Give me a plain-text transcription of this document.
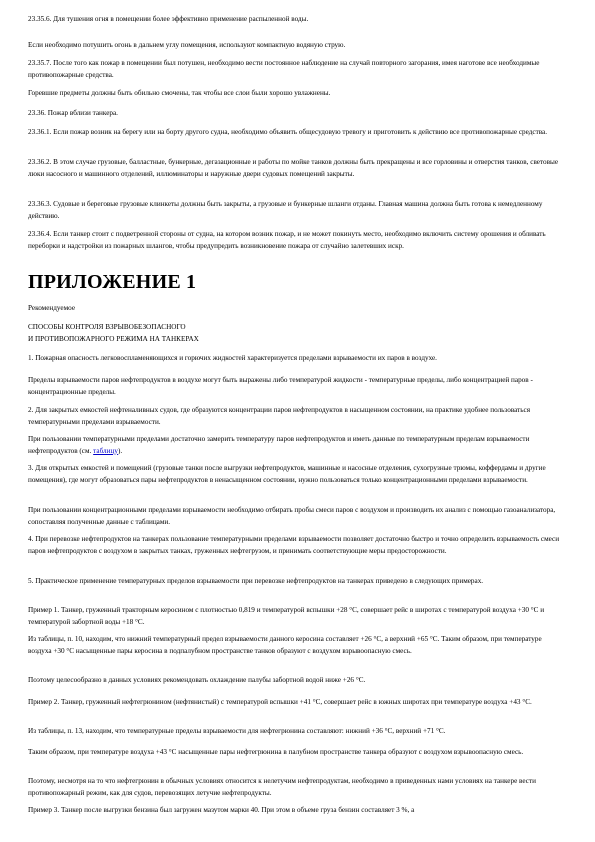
23.35.6. Для тушения огня в помещении более эффективно применение распыленной воды.

Если необходимо потушить огонь в дальнем углу помещения, используют компактную водяную струю.

23.35.7. После того как пожар в помещении был потушен, необходимо вести постоянное наблюдение на случай повторного загорания, имея наготове все необходимые противопожарные средства.

Горевшие предметы должны быть обильно смочены, так чтобы все слои были хорошо увлажнены.

23.36. Пожар вблизи танкера.

23.36.1. Если пожар возник на берегу или на борту другого судна, необходимо объявить общесудовую тревогу и приготовить к действию все противопожарные средства.

23.36.2. В этом случае грузовые, балластные, бункерные, дегазационные и работы по мойке танков должны быть прекращены и все горловины и отверстия танков, световые люки насосного и машинного отделений, иллюминаторы и наружные двери судовых помещений закрыты.

23.36.3. Судовые и береговые грузовые клинкеты должны быть закрыты, а грузовые и бункерные шланги отданы. Главная машина должна быть готова к немедленному действию.

23.36.4. Если танкер стоит с подветренной стороны от судна, на котором возник пожар, и не может покинуть место, необходимо включить систему орошения и обливать переборки и надстройки из пожарных шлангов, чтобы предупредить возникновение пожара от случайно залетевших искр.

ПРИЛОЖЕНИЕ 1

Рекомендуемое

СПОСОБЫ КОНТРОЛЯ ВЗРЫВОБЕЗОПАСНОГО

И ПРОТИВОПОЖАРНОГО РЕЖИМА НА ТАНКЕРАХ

1. Пожарная опасность легковоспламеняющихся и горючих жидкостей характеризуется пределами взрываемости их паров в воздухе.

Пределы взрываемости паров нефтепродуктов в воздухе могут быть выражены либо температурой жидкости - температурные пределы, либо концентрацией паров - концентрационные пределы.

2. Для закрытых емкостей нефтеналивных судов, где образуются концентрации паров нефтепродуктов в насыщенном состоянии, на практике удобнее пользоваться температурными пределами взрываемости.

При пользовании температурными пределами достаточно замерить температуру паров нефтепродуктов и иметь данные по температурным пределам взрываемости нефтепродуктов (см. таблицу).

3. Для открытых емкостей и помещений (грузовые танки после выгрузки нефтепродуктов, машинные и насосные отделения, сухогрузные трюмы, коффердамы и другие помещения), где могут образоваться пары нефтепродуктов в ненасыщенном состоянии, нужно пользоваться только концентрационными пределами взрываемости.

При пользовании концентрационными пределами взрываемости необходимо отбирать пробы смеси паров с воздухом и производить их анализ с помощью газоанализатора, сопоставляя полученные данные с таблицами.

4. При перевозке нефтепродуктов на танкерах пользование температурными пределами взрываемости позволяет достаточно быстро и точно определить взрываемость смеси паров нефтепродуктов с воздухом в закрытых танках, груженных нефтегрузом, и принимать соответствующие меры предосторожности.

5. Практическое применение температурных пределов взрываемости при перевозке нефтепродуктов на танкерах приведено в следующих примерах.

Пример 1. Танкер, груженный тракторным керосином с плотностью 0,819 и температурой вспышки +28 °С, совершает рейс в широтах с температурой воздуха +30 °С и температурой забортной воды +18 °С.

Из таблицы, п. 10, находим, что нижний температурный предел взрываемости данного керосина составляет +26 °С, а верхний +65 °С. Таким образом, при температуре воздуха +30 °С насыщенные пары керосина в подпалубном пространстве танков образуют с воздухом взрывоопасную смесь.

Поэтому целесообразно в данных условиях рекомендовать охлаждение палубы забортной водой ниже +26 °С.

Пример 2. Танкер, груженный нефтегрюнином (нефтянистый) с температурой вспышки +41 °С, совершает рейс в южных широтах при температуре воздуха +43 °С.

Из таблицы, п. 13, находим, что температурные пределы взрываемости для нефтегрюнина составляют: нижний +36 °С, верхний +71 °С.

Таким образом, при температуре воздуха +43 °С насыщенные пары нефтегрюнина в палубном пространстве танкера образуют с воздухом взрывоопасную смесь.

Поэтому, несмотря на то что нефтегрюнин в обычных условиях относится к нелетучим нефтепродуктам, необходимо в приведенных нами условиях на танкере вести противопожарный режим, как для судов, перевозящих летучие нефтепродукты.

Пример 3. Танкер после выгрузки бензина был загружен мазутом марки 40. При этом в объеме груза бензин составляет 3 %, а
